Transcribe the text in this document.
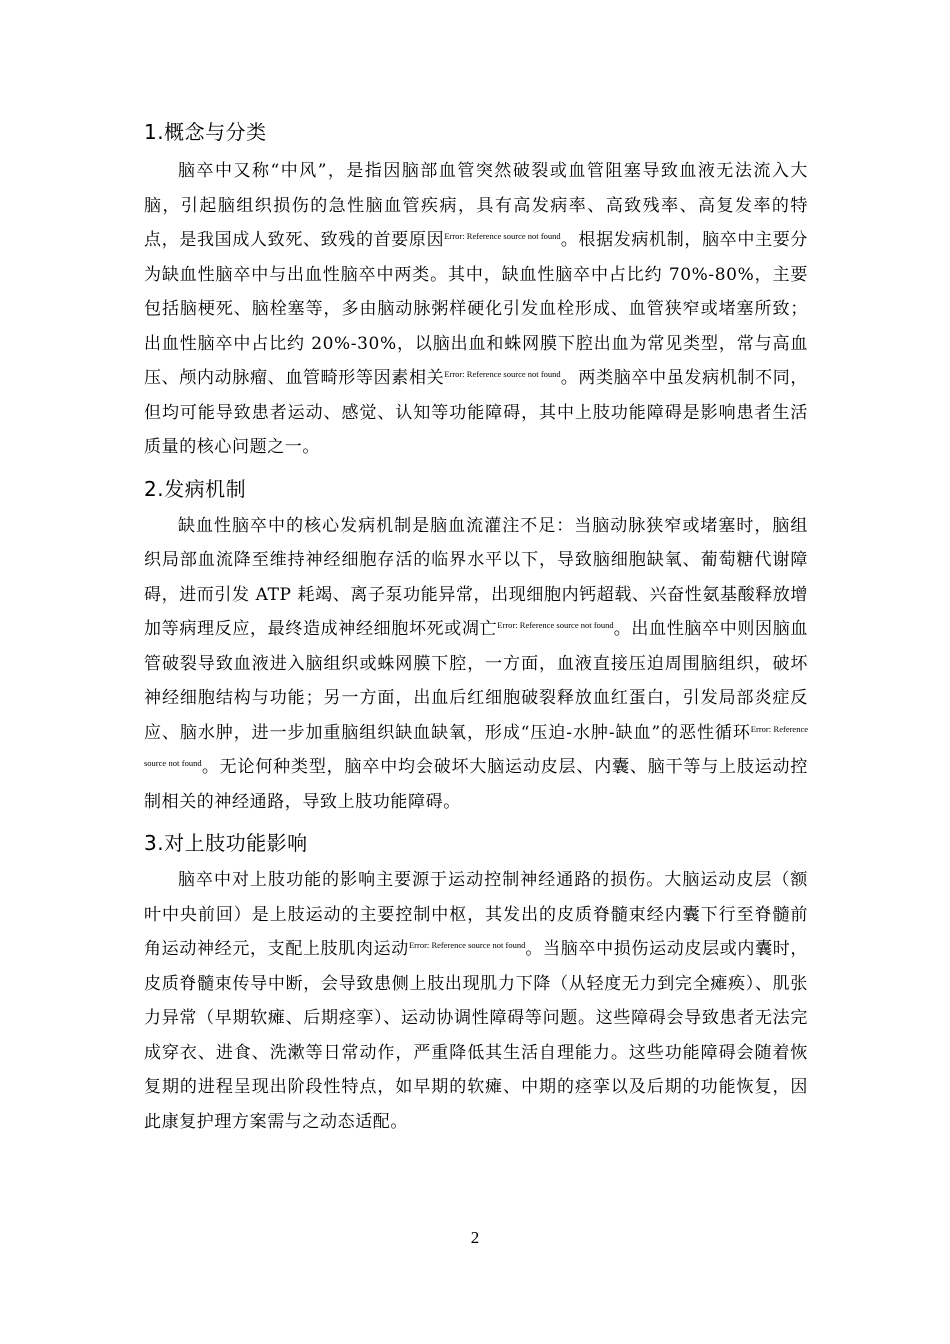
1.概念与分类

脑卒中又称“中风”，是指因脑部血管突然破裂或血管阻塞导致血液无法流入大脑，引起脑组织损伤的急性脑血管疾病，具有高发病率、高致残率、高复发率的特点，是我国成人致死、致残的首要原因$^{Error: Reference source not found}$。根据发病机制，脑卒中主要分为缺血性脑卒中与出血性脑卒中两类。其中，缺血性脑卒中占比约 70%-80%，主要包括脑梗死、脑栓塞等，多由脑动脉粥样硬化引发血栓形成、血管狭窄或堵塞所致；出血性脑卒中占比约 20%-30%，以脑出血和蛛网膜下腔出血为常见类型，常与高血压、颅内动脉瘤、血管畸形等因素相关$^{Error: Reference source not found}$。两类脑卒中虽发病机制不同，但均可能导致患者运动、感觉、认知等功能障碍，其中上肢功能障碍是影响患者生活质量的核心问题之一。

2.发病机制

缺血性脑卒中的核心发病机制是脑血流灌注不足：当脑动脉狭窄或堵塞时，脑组织局部血流降至维持神经细胞存活的临界水平以下，导致脑细胞缺氧、葡萄糖代谢障碍，进而引发 ATP 耗竭、离子泵功能异常，出现细胞内钙超载、兴奋性氨基酸释放增加等病理反应，最终造成神经细胞坏死或凋亡$^{Error: Reference source not found}$。出血性脑卒中则因脑血管破裂导致血液进入脑组织或蛛网膜下腔，一方面，血液直接压迫周围脑组织，破坏神经细胞结构与功能；另一方面，出血后红细胞破裂释放血红蛋白，引发局部炎症反应、脑水肿，进一步加重脑组织缺血缺氧，形成“压迫-水肿-缺血”的恶性循环$^{Error: Reference source not found}$。无论何种类型，脑卒中均会破坏大脑运动皮层、内囊、脑干等与上肢运动控制相关的神经通路，导致上肢功能障碍。

3.对上肢功能影响

脑卒中对上肢功能的影响主要源于运动控制神经通路的损伤。大脑运动皮层（额叶中央前回）是上肢运动的主要控制中枢，其发出的皮质脊髓束经内囊下行至脊髓前角运动神经元，支配上肢肌肉运动$^{Error: Reference source not found}$。当脑卒中损伤运动皮层或内囊时，皮质脊髓束传导中断，会导致患侧上肢出现肌力下降（从轻度无力到完全瘫痪）、肌张力异常（早期软瘫、后期痉挛）、运动协调性障碍等问题。这些障碍会导致患者无法完成穿衣、进食、洗漱等日常动作，严重降低其生活自理能力。这些功能障碍会随着恢复期的进程呈现出阶段性特点，如早期的软瘫、中期的痉挛以及后期的功能恢复，因此康复护理方案需与之动态适配。

2
